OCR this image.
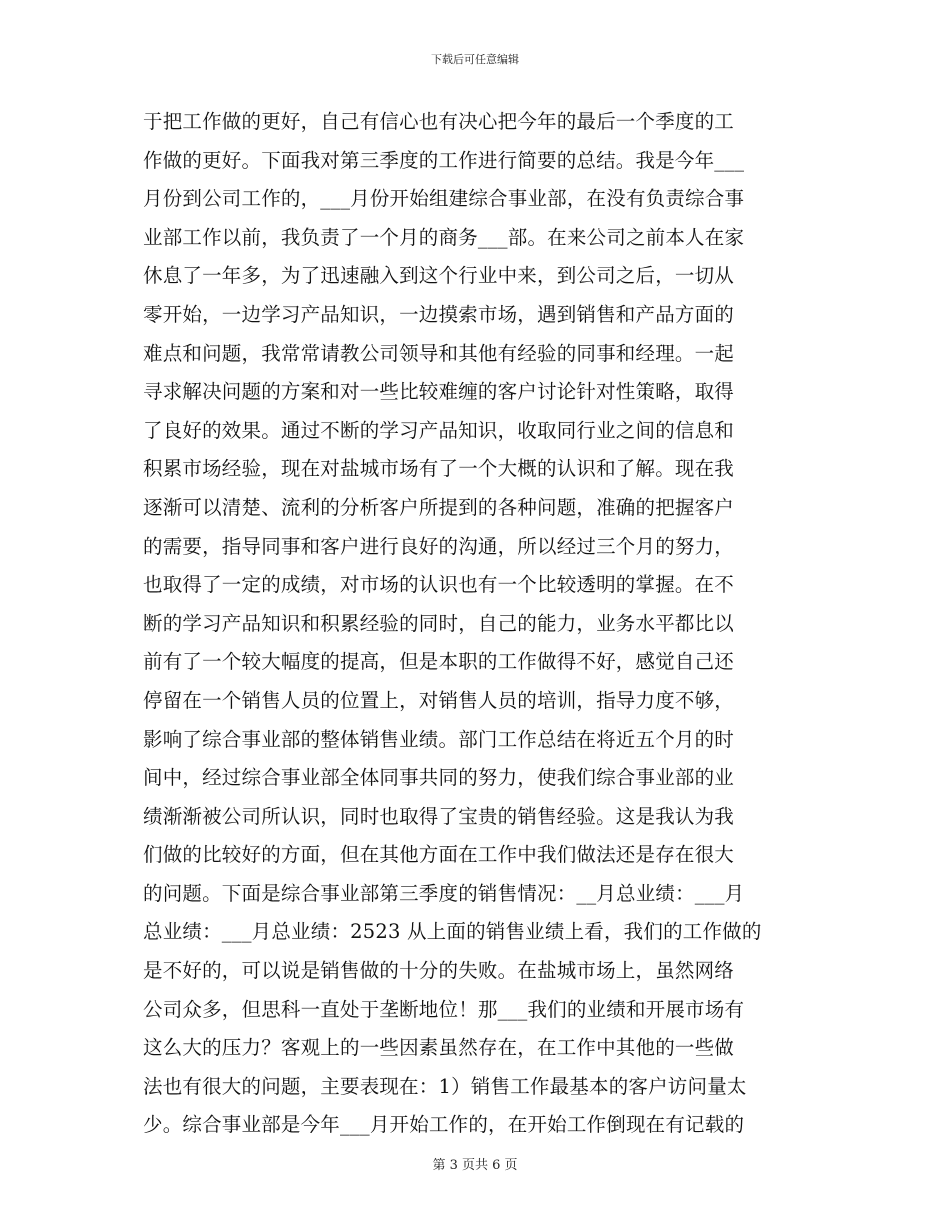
下载后可任意编辑
于把工作做的更好，自己有信心也有决心把今年的最后一个季度的工
作做的更好。下面我对第三季度的工作进行简要的总结。我是今年___
月份到公司工作的，___月份开始组建综合事业部，在没有负责综合事
业部工作以前，我负责了一个月的商务___部。在来公司之前本人在家
休息了一年多，为了迅速融入到这个行业中来，到公司之后，一切从
零开始，一边学习产品知识，一边摸索市场，遇到销售和产品方面的
难点和问题，我常常请教公司领导和其他有经验的同事和经理。一起
寻求解决问题的方案和对一些比较难缠的客户讨论针对性策略，取得
了良好的效果。通过不断的学习产品知识，收取同行业之间的信息和
积累市场经验，现在对盐城市场有了一个大概的认识和了解。现在我
逐渐可以清楚、流利的分析客户所提到的各种问题，准确的把握客户
的需要，指导同事和客户进行良好的沟通，所以经过三个月的努力，
也取得了一定的成绩，对市场的认识也有一个比较透明的掌握。在不
断的学习产品知识和积累经验的同时，自己的能力，业务水平都比以
前有了一个较大幅度的提高，但是本职的工作做得不好，感觉自己还
停留在一个销售人员的位置上，对销售人员的培训，指导力度不够，
影响了综合事业部的整体销售业绩。部门工作总结在将近五个月的时
间中，经过综合事业部全体同事共同的努力，使我们综合事业部的业
绩渐渐被公司所认识，同时也取得了宝贵的销售经验。这是我认为我
们做的比较好的方面，但在其他方面在工作中我们做法还是存在很大
的问题。下面是综合事业部第三季度的销售情况：__月总业绩：___月
总业绩：___月总业绩：2523 从上面的销售业绩上看，我们的工作做的
是不好的，可以说是销售做的十分的失败。在盐城市场上，虽然网络
公司众多，但思科一直处于垄断地位！那___我们的业绩和开展市场有
这么大的压力？客观上的一些因素虽然存在，在工作中其他的一些做
法也有很大的问题，主要表现在：1）销售工作最基本的客户访问量太
少。综合事业部是今年___月开始工作的，在开始工作倒现在有记载的
第 3 页共 6 页
